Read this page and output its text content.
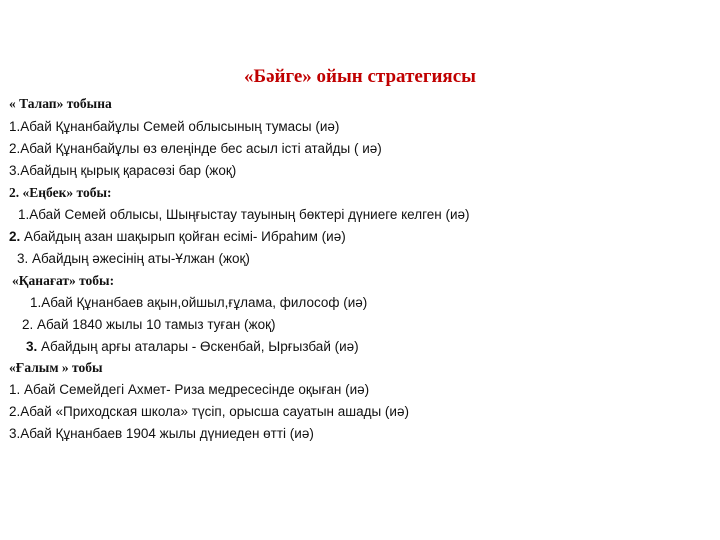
«Бәйге» ойын стратегиясы
« Талап» тобына
1.Абай Құнанбайұлы Семей облысының тумасы (иә)
2.Абай Құнанбайұлы өз өлеңінде бес асыл істі атайды ( иә)
3.Абайдың қырық қарасөзі бар (жоқ)
2. «Еңбек» тобы:
1.Абай Семей облысы, Шыңғыстау тауының бөктері дүниеге келген (иә)
2. Абайдың азан шақырып қойған есімі- Ибраһим (иә)
3. Абайдың әжесінің аты-Ұлжан (жоқ)
«Қанағат» тобы:
1.Абай Құнанбаев ақын,ойшыл,ғұлама, философ (иә)
2. Абай 1840 жылы 10 тамыз туған (жоқ)
3. Абайдың арғы аталары - Өскенбай, Ырғызбай (иә)
«Ғалым » тобы
1. Абай Семейдегі Ахмет- Риза медресесінде оқыған (иә)
2.Абай «Приходская школа» түсіп, орысша сауатын ашады (иә)
3.Абай Құнанбаев 1904 жылы дүниеден өтті (иә)
